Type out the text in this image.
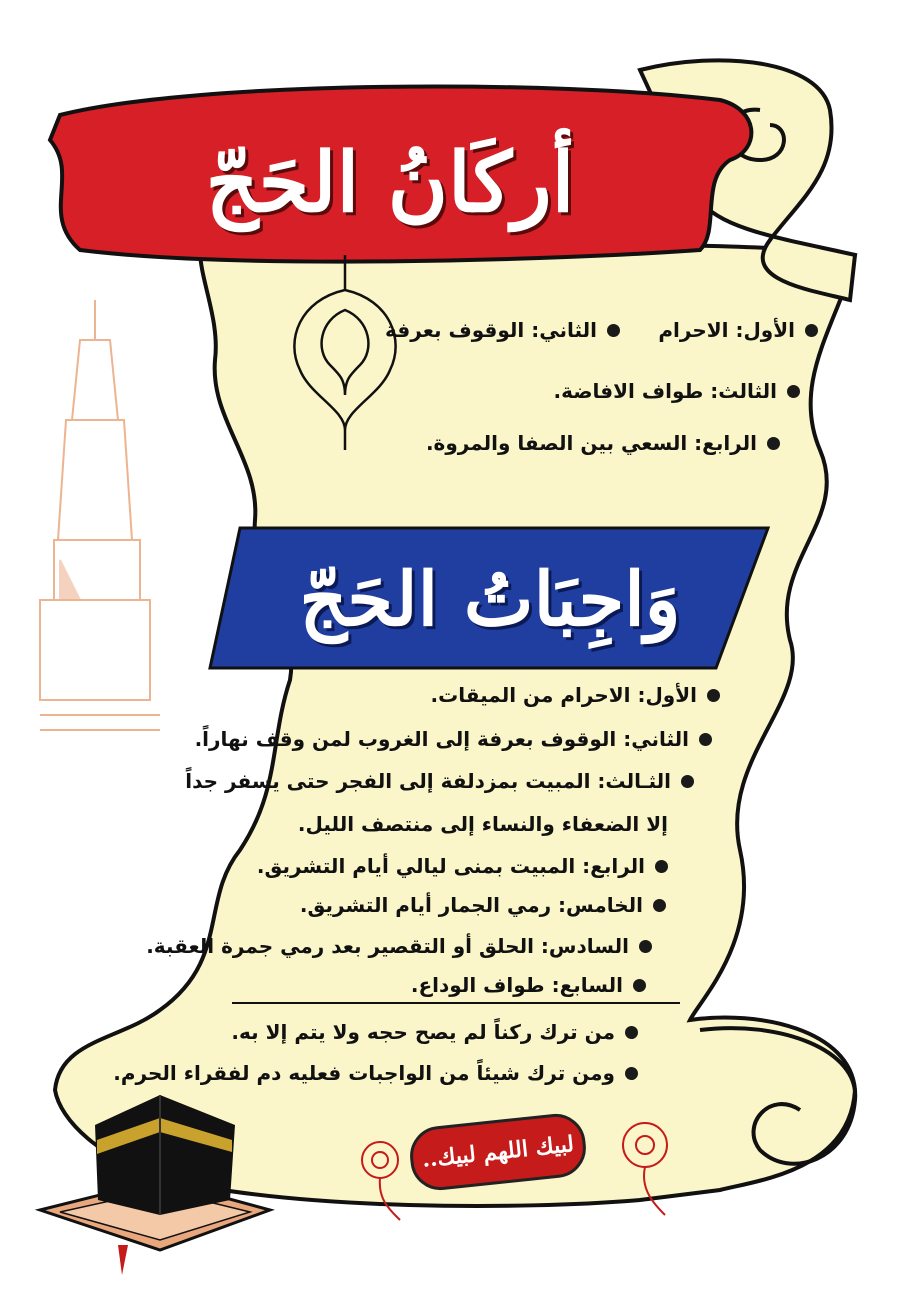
أركَانُ الحَجّ
الأول: الاحرام
الثاني: الوقوف بعرفة
الثالث: طواف الافاضة.
الرابع: السعي بين الصفا والمروة.
وَاجِبَاتُ الحَجّ
الأول: الاحرام من الميقات.
الثاني: الوقوف بعرفة إلى الغروب لمن وقف نهاراً.
الثـالث: المبيت بمزدلفة إلى الفجر حتى يسفر جداً
إلا الضعفاء والنساء إلى منتصف الليل.
الرابع: المبيت بمنى ليالي أيام التشريق.
الخامس: رمي الجمار أيام التشريق.
السادس: الحلق أو التقصير بعد رمي جمرة العقبة.
السابع: طواف الوداع.
من ترك ركناً لم يصح حجه ولا يتم إلا به.
ومن ترك شيئاً من الواجبات فعليه دم لفقراء الحرم.
لبيك اللهم لبيك..
